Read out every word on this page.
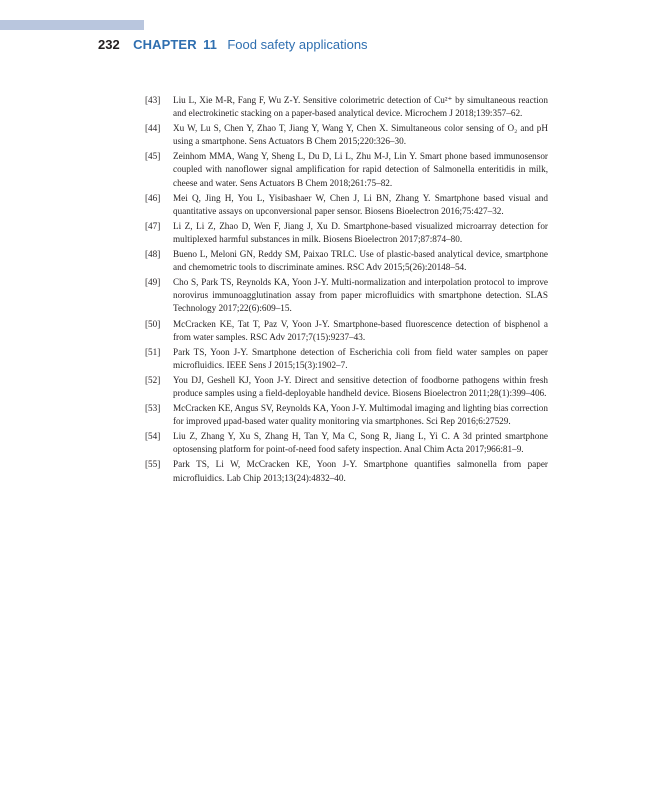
232 CHAPTER 11 Food safety applications
[43] Liu L, Xie M-R, Fang F, Wu Z-Y. Sensitive colorimetric detection of Cu²⁺ by simultaneous reaction and electrokinetic stacking on a paper-based analytical device. Microchem J 2018;139:357–62.
[44] Xu W, Lu S, Chen Y, Zhao T, Jiang Y, Wang Y, Chen X. Simultaneous color sensing of O₂ and pH using a smartphone. Sens Actuators B Chem 2015;220:326–30.
[45] Zeinhom MMA, Wang Y, Sheng L, Du D, Li L, Zhu M-J, Lin Y. Smart phone based immunosensor coupled with nanoflower signal amplification for rapid detection of Salmonella enteritidis in milk, cheese and water. Sens Actuators B Chem 2018;261:75–82.
[46] Mei Q, Jing H, You L, Yisibashaer W, Chen J, Li BN, Zhang Y. Smartphone based visual and quantitative assays on upconversional paper sensor. Biosens Bioelectron 2016;75:427–32.
[47] Li Z, Li Z, Zhao D, Wen F, Jiang J, Xu D. Smartphone-based visualized microarray detection for multiplexed harmful substances in milk. Biosens Bioelectron 2017;87:874–80.
[48] Bueno L, Meloni GN, Reddy SM, Paixao TRLC. Use of plastic-based analytical device, smartphone and chemometric tools to discriminate amines. RSC Adv 2015;5(26):20148–54.
[49] Cho S, Park TS, Reynolds KA, Yoon J-Y. Multi-normalization and interpolation protocol to improve norovirus immunoagglutination assay from paper microfluidics with smartphone detection. SLAS Technology 2017;22(6):609–15.
[50] McCracken KE, Tat T, Paz V, Yoon J-Y. Smartphone-based fluorescence detection of bisphenol a from water samples. RSC Adv 2017;7(15):9237–43.
[51] Park TS, Yoon J-Y. Smartphone detection of Escherichia coli from field water samples on paper microfluidics. IEEE Sens J 2015;15(3):1902–7.
[52] You DJ, Geshell KJ, Yoon J-Y. Direct and sensitive detection of foodborne pathogens within fresh produce samples using a field-deployable handheld device. Biosens Bioelectron 2011;28(1):399–406.
[53] McCracken KE, Angus SV, Reynolds KA, Yoon J-Y. Multimodal imaging and lighting bias correction for improved μpad-based water quality monitoring via smartphones. Sci Rep 2016;6:27529.
[54] Liu Z, Zhang Y, Xu S, Zhang H, Tan Y, Ma C, Song R, Jiang L, Yi C. A 3d printed smartphone optosensing platform for point-of-need food safety inspection. Anal Chim Acta 2017;966:81–9.
[55] Park TS, Li W, McCracken KE, Yoon J-Y. Smartphone quantifies salmonella from paper microfluidics. Lab Chip 2013;13(24):4832–40.
